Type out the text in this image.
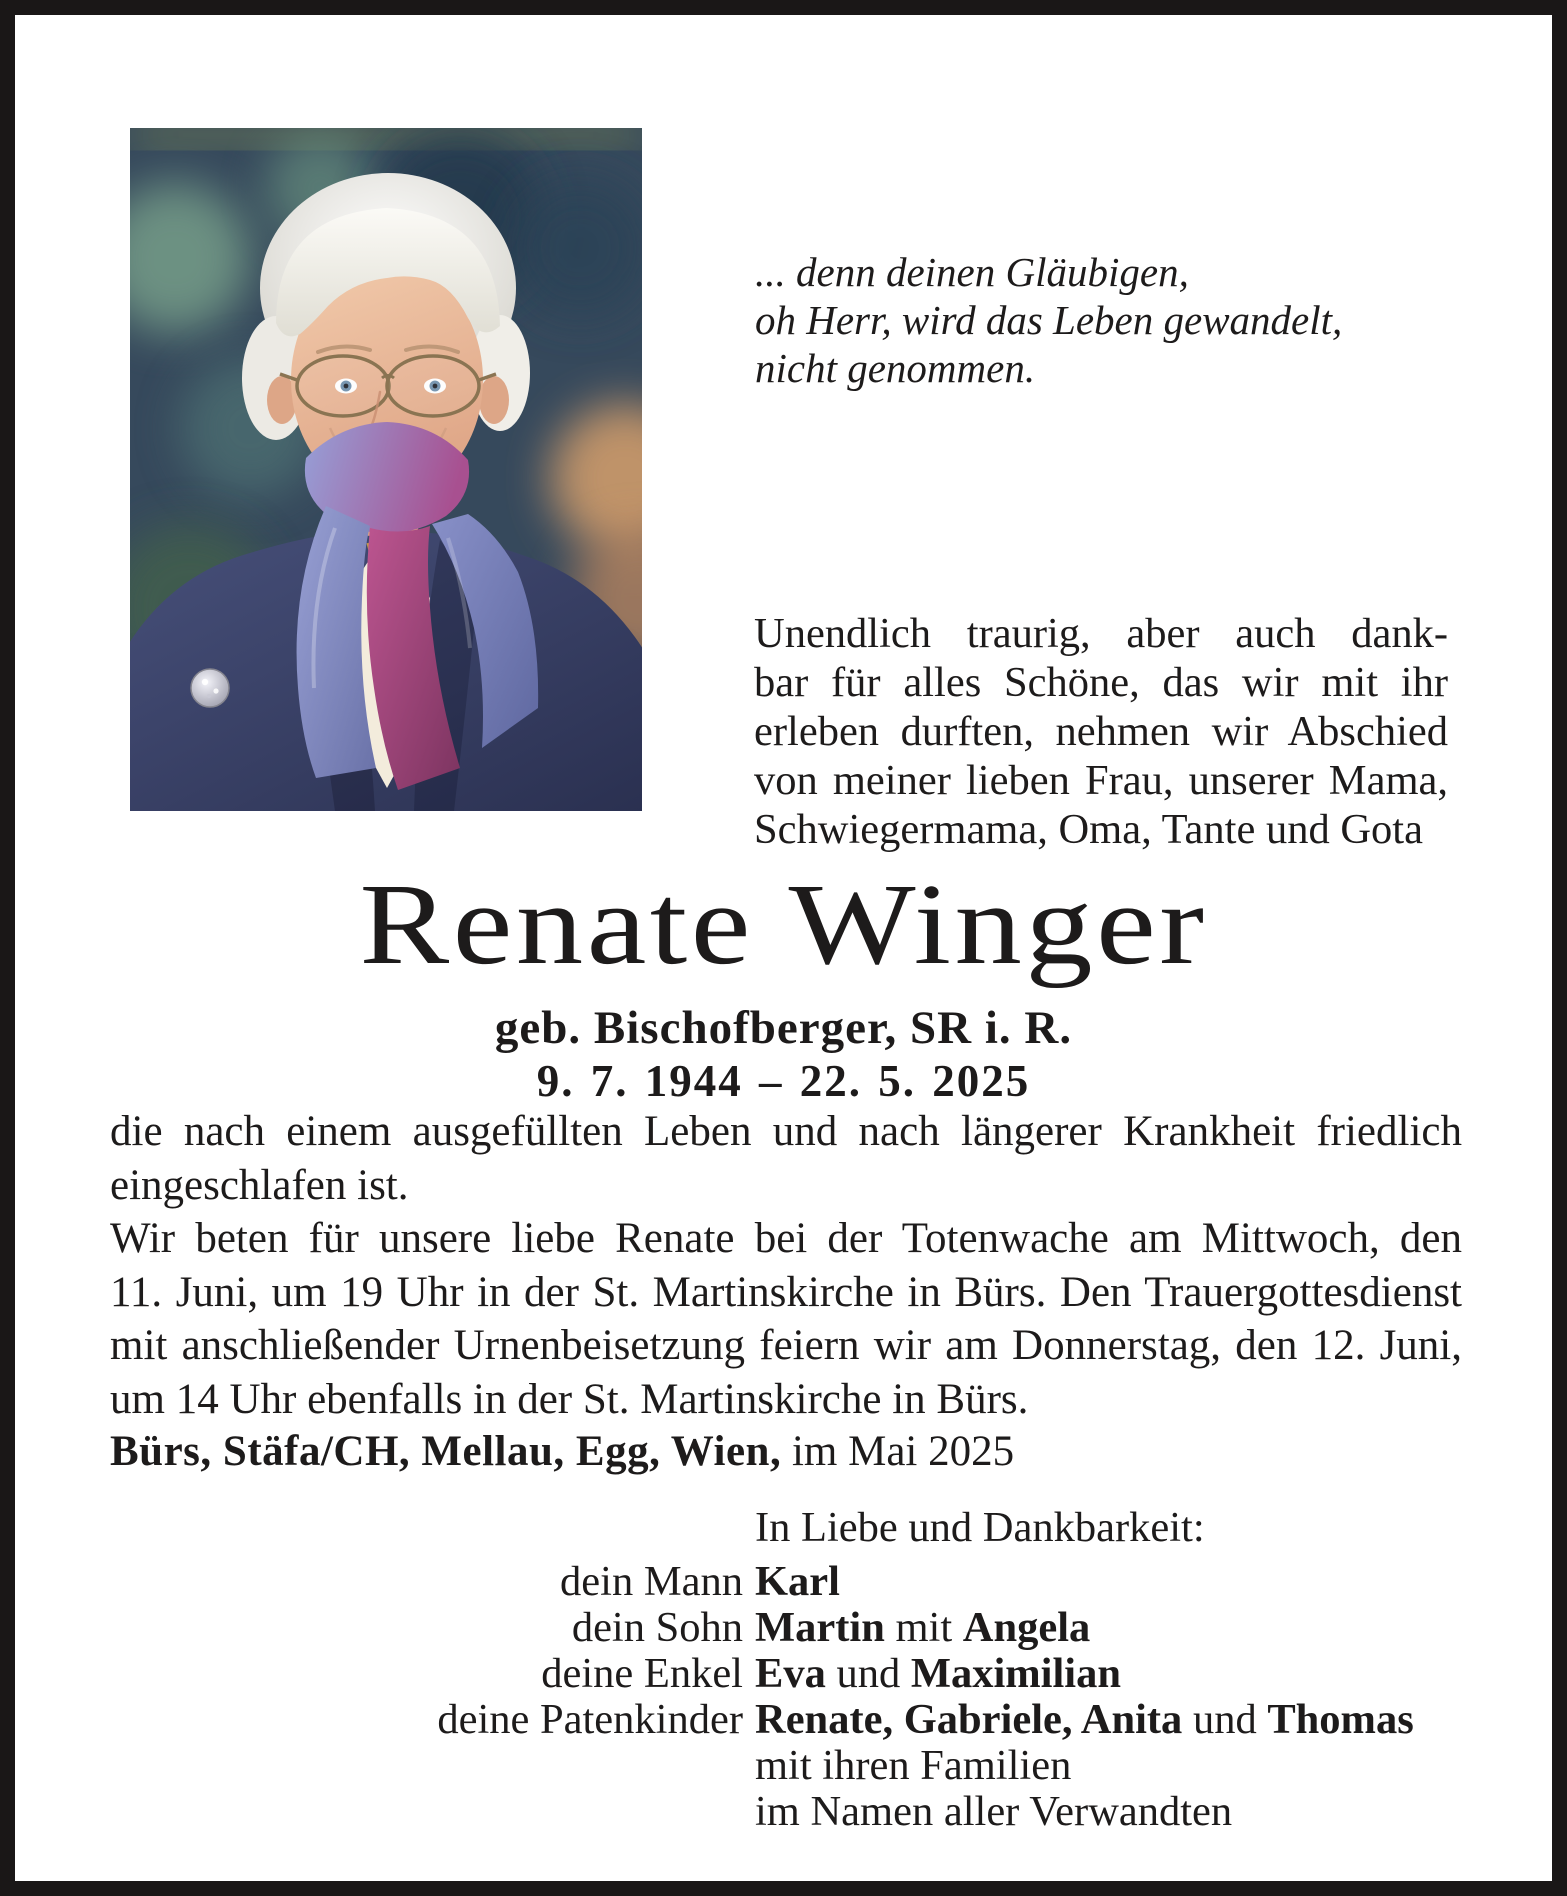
... denn deinen Gläubigen,
oh Herr, wird das Leben gewandelt,
nicht genommen.
Unendlich traurig, aber auch dank-
bar für alles Schöne, das wir mit ihr
erleben durften, nehmen wir Abschied
von meiner lieben Frau, unserer Mama,
Schwiegermama, Oma, Tante und Gota
Renate Winger
geb. Bischofberger, SR i. R.
9. 7. 1944 – 22. 5. 2025
die nach einem ausgefüllten Leben und nach längerer Krankheit friedlich
eingeschlafen ist.
Wir beten für unsere liebe Renate bei der Totenwache am Mittwoch, den
11. Juni, um 19 Uhr in der St. Martinskirche in Bürs. Den Trauergottesdienst
mit anschließender Urnenbeisetzung feiern wir am Donnerstag, den 12. Juni,
um 14 Uhr ebenfalls in der St. Martinskirche in Bürs.
Bürs, Stäfa/CH, Mellau, Egg, Wien, im Mai 2025
In Liebe und Dankbarkeit:
dein Mann Karl
dein Sohn Martin mit Angela
deine Enkel Eva und Maximilian
deine Patenkinder Renate, Gabriele, Anita und Thomas
mit ihren Familien
im Namen aller Verwandten
